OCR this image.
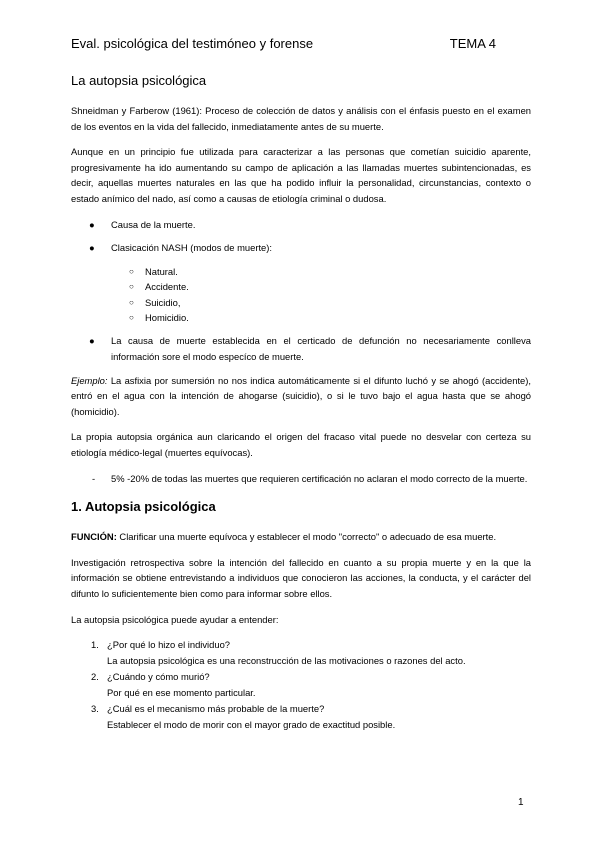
Eval. psicológica del testimóneo y forense	TEMA 4
La autopsia psicológica

Shneidman y Farberow (1961): Proceso de colección de datos y análisis con el énfasis puesto en el examen de los eventos en la vida del fallecido, inmediatamente antes de su muerte.

Aunque en un principio fue utilizada para caracterizar a las personas que cometían suicidio aparente, progresivamente ha ido aumentando su campo de aplicación a las llamadas muertes subintencionadas, es decir, aquellas muertes naturales en las que ha podido influir la personalidad, circunstancias, contexto o estado anímico del nado, así como a causas de etiología criminal o dudosa.

● Causa de la muerte.
● Clasicación NASH (modos de muerte):
○ Natural.
○ Accidente.
○ Suicidio,
○ Homicidio.
● La causa de muerte establecida en el certicado de defunción no necesariamente conlleva información sore el modo especíco de muerte.

Ejemplo: La asfixia por sumersión no nos indica automáticamente si el difunto luchó y se ahogó (accidente), entró en el agua con la intención de ahogarse (suicidio), o si le tuvo bajo el agua hasta que se ahogó (homicidio).

La propia autopsia orgánica aun claricando el origen del fracaso vital puede no desvelar con certeza su etiología médico-legal (muertes equívocas).

- 5% -20% de todas las muertes que requieren certificación no aclaran el modo correcto de la muerte.
1. Autopsia psicológica

FUNCIÓN: Clarificar una muerte equívoca y establecer el modo "correcto" o adecuado de esa muerte.

Investigación retrospectiva sobre la intención del fallecido en cuanto a su propia muerte y en la que la información se obtiene entrevistando a individuos que conocieron las acciones, la conducta, y el carácter del difunto lo suficientemente bien como para informar sobre ellos.

La autopsia psicológica puede ayudar a entender:

1. ¿Por qué lo hizo el individuo?
La autopsia psicológica es una reconstrucción de las motivaciones o razones del acto.
2. ¿Cuándo y cómo murió?
Por qué en ese momento particular.
3. ¿Cuál es el mecanismo más probable de la muerte?
Establecer el modo de morir con el mayor grado de exactitud posible.
1
